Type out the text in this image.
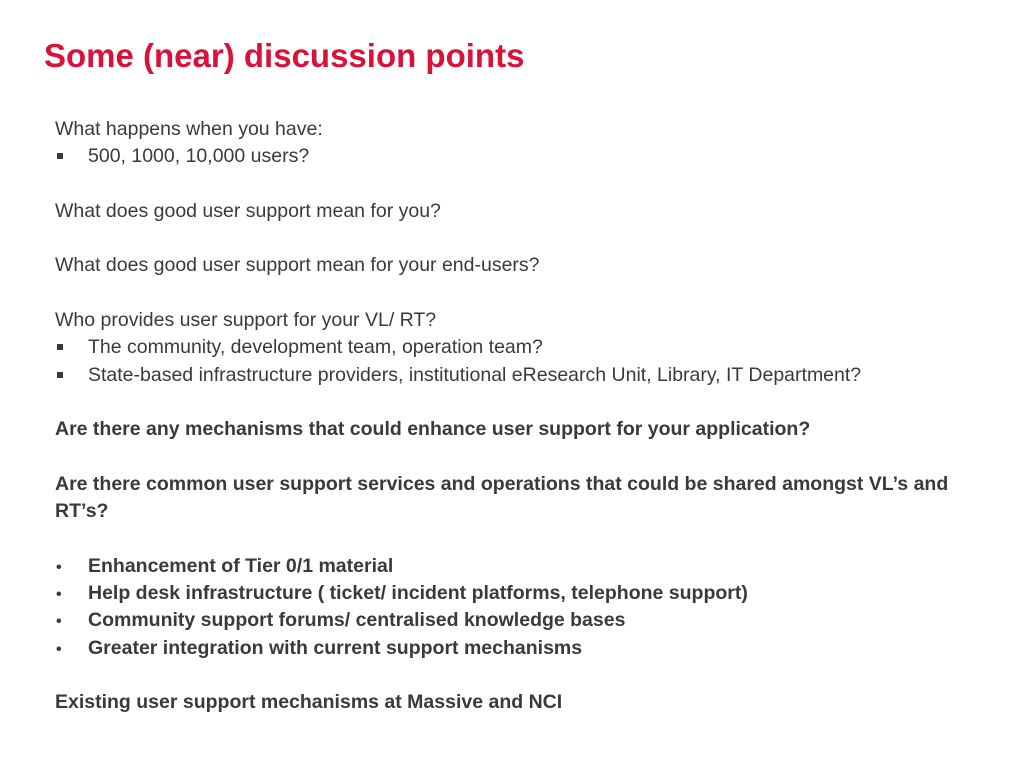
Some (near) discussion points

What happens when you have:

500, 1000, 10,000 users?

What does good user support mean for you?

What does good user support mean for your end-users?

Who provides user support for your VL/ RT?

The community, development team, operation team?
State-based infrastructure providers, institutional eResearch Unit, Library, IT Department?

Are there any mechanisms that could enhance user support for your application?

Are there common user support services and operations that could be shared amongst VL’s and RT’s?

•	Enhancement of Tier 0/1 material
•	Help desk infrastructure ( ticket/ incident platforms, telephone support)
•	Community support forums/ centralised knowledge bases
•	Greater integration with current support mechanisms

Existing user support mechanisms at Massive and NCI
